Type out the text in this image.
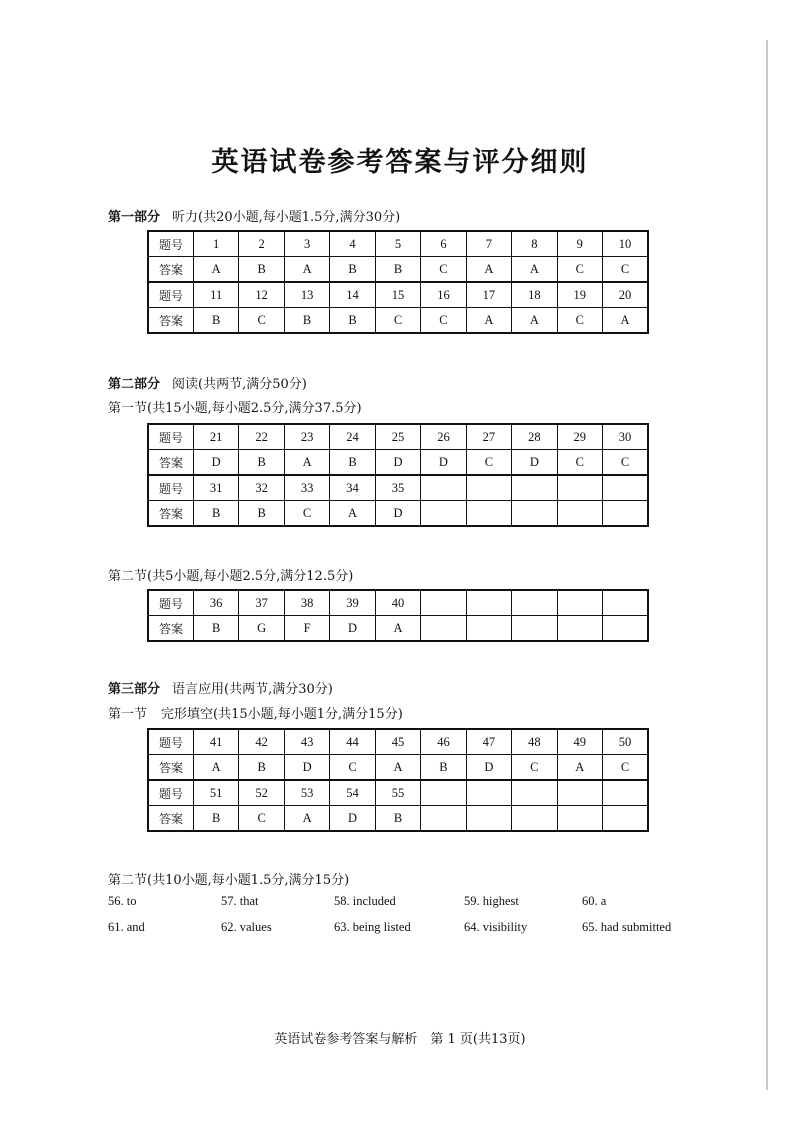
英语试卷参考答案与评分细则
第一部分 听力(共20小题,每小题1.5分,满分30分)
题号	1	2	3	4	5	6	7	8	9	10
答案	A	B	A	B	B	C	A	A	C	C
题号	11	12	13	14	15	16	17	18	19	20
答案	B	C	B	B	C	C	A	A	C	A
第二部分 阅读(共两节,满分50分)
第一节(共15小题,每小题2.5分,满分37.5分)
题号	21	22	23	24	25	26	27	28	29	30
答案	D	B	A	B	D	D	C	D	C	C
题号	31	32	33	34	35					
答案	B	B	C	A	D					
第二节(共5小题,每小题2.5分,满分12.5分)
题号	36	37	38	39	40					
答案	B	G	F	D	A					
第三部分 语言应用(共两节,满分30分)
第一节 完形填空(共15小题,每小题1分,满分15分)
题号	41	42	43	44	45	46	47	48	49	50
答案	A	B	D	C	A	B	D	C	A	C
题号	51	52	53	54	55					
答案	B	C	A	D	B					
第二节(共10小题,每小题1.5分,满分15分)
56. to	57. that	58. included	59. highest	60. a
61. and	62. values	63. being listed	64. visibility	65. had submitted
英语试卷参考答案与解析　第 1 页(共13页)
